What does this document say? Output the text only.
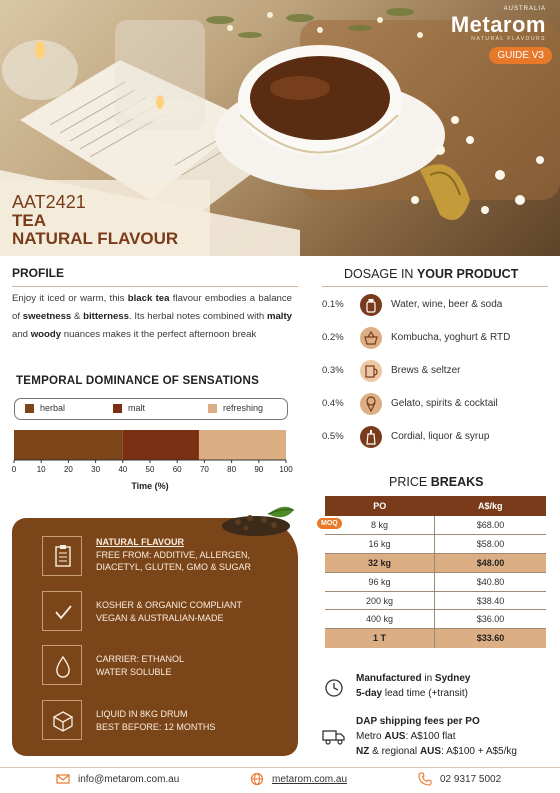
AUSTRALIA
Metarom
NATURAL FLAVOURS
GUIDE V3
AAT2421
TEA
NATURAL FLAVOUR
PROFILE
Enjoy it iced or warm, this black tea flavour embodies a balance of sweetness & bitterness. Its herbal notes combined with malty and woody nuances makes it the perfect afternoon break
TEMPORAL DOMINANCE OF SENSATIONS
herbal	malt	refreshing
0	10 20 30 40 50 60 70 80 90 100
Time (%)
NATURAL FLAVOUR
FREE FROM: ADDITIVE, ALLERGEN,
DIACETYL, GLUTEN, GMO & SUGAR
KOSHER & ORGANIC COMPLIANT
VEGAN & AUSTRALIAN-MADE
CARRIER: ETHANOL
WATER SOLUBLE
LIQUID IN 8KG DRUM
BEST BEFORE: 12 MONTHS
DOSAGE IN YOUR PRODUCT
0.1%	Water, wine, beer & soda
0.2%	Kombucha, yoghurt & RTD
0.3%	Brews & seltzer
0.4%	Gelato, spirits & cocktail
0.5%	Cordial, liquor & syrup
PRICE BREAKS
PO	A$/kg
8 kg	$68.00
16 kg	$58.00
32 kg	$48.00
96 kg	$40.80
200 kg	$38.40
400 kg	$36.00
1 T	$33.60
MOQ
Manufactured in Sydney
5-day lead time (+transit)
DAP shipping fees per PO
Metro AUS: A$100 flat
NZ & regional AUS: A$100 + A$5/kg
info@metarom.com.au	metarom.com.au	02 9317 5002
